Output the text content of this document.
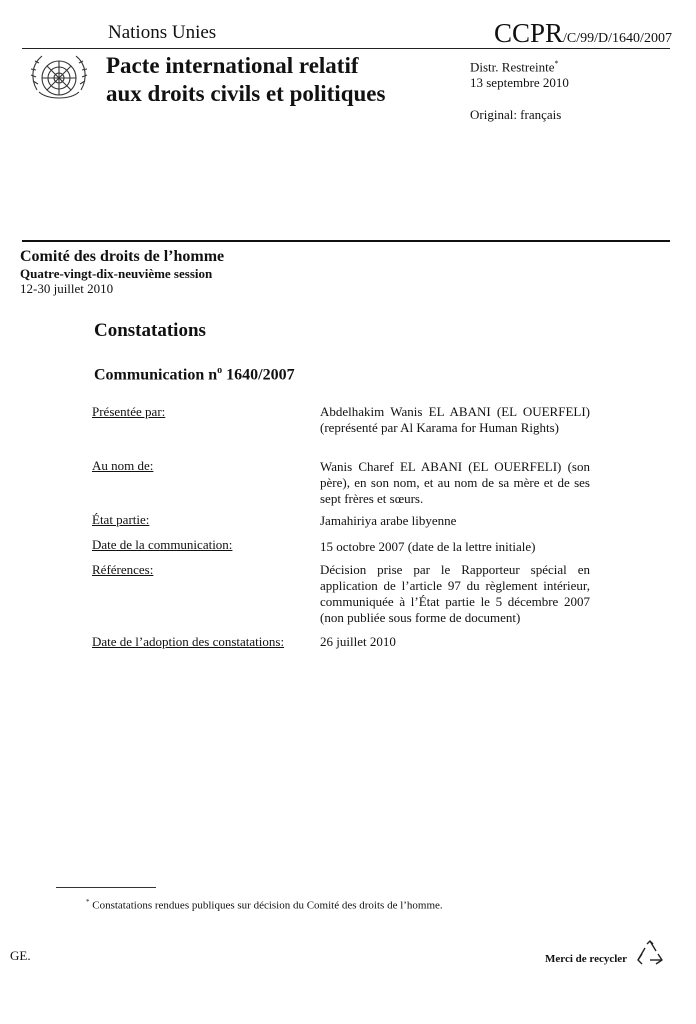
Nations Unies	CCPR/C/99/D/1640/2007
Pacte international relatif
aux droits civils et politiques
Distr. Restreinte*
13 septembre 2010
Original: français
Comité des droits de l’homme
Quatre-vingt-dix-neuvième session
12-30 juillet 2010
Constatations
Communication $n^o$ 1640/2007
Présentée par:	Abdelhakim Wanis EL ABANI (EL OUERFELI) (représenté par Al Karama for Human Rights)
Au nom de:	Wanis Charef EL ABANI (EL OUERFELI) (son père), en son nom, et au nom de sa mère et de ses sept frères et sœurs.
État partie:	Jamahiriya arabe libyenne
Date de la communication:	15 octobre 2007 (date de la lettre initiale)
Références:	Décision prise par le Rapporteur spécial en application de l’article 97 du règlement intérieur, communiquée à l’État partie le 5 décembre 2007 (non publiée sous forme de document)
Date de l’adoption des constatations:	26 juillet 2010
* Constatations rendues publiques sur décision du Comité des droits de l’homme.
GE.	Merci de recycler
